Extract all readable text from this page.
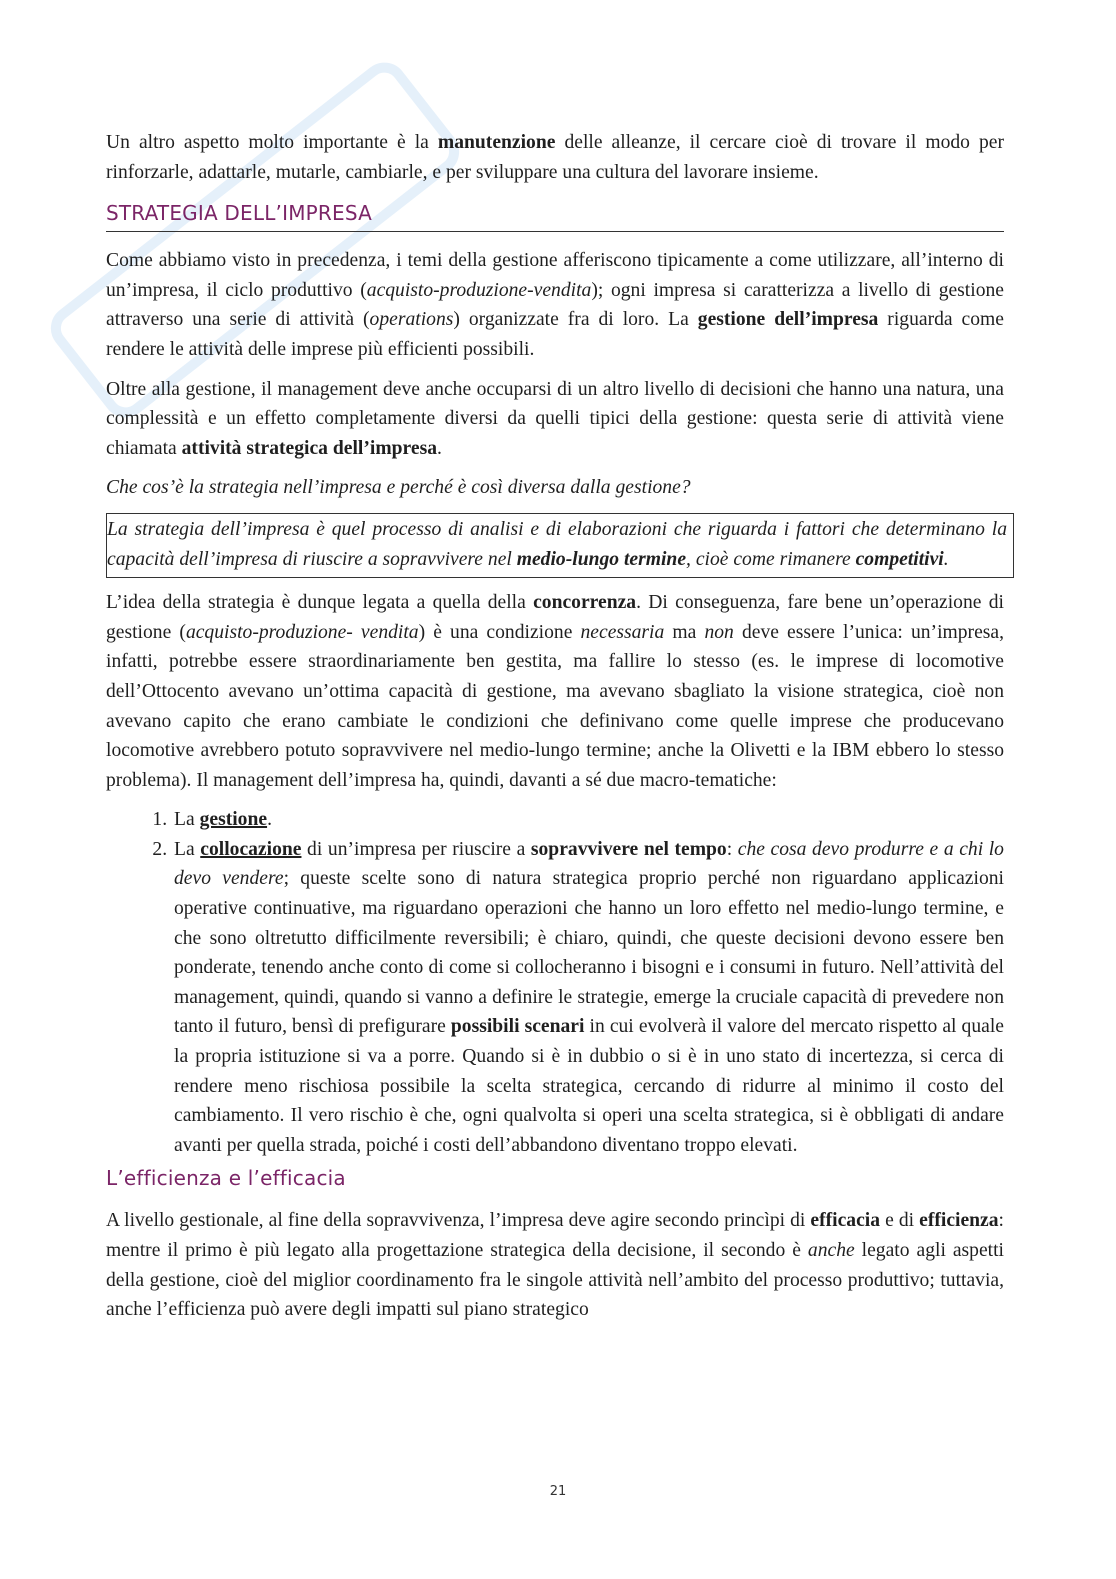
Un altro aspetto molto importante è la manutenzione delle alleanze, il cercare cioè di trovare il modo per rinforzarle, adattarle, mutarle, cambiarle, e per sviluppare una cultura del lavorare insieme.

STRATEGIA DELL’IMPRESA

Come abbiamo visto in precedenza, i temi della gestione afferiscono tipicamente a come utilizzare, all’interno di un’impresa, il ciclo produttivo (acquisto-produzione-vendita); ogni impresa si caratterizza a livello di gestione attraverso una serie di attività (operations) organizzate fra di loro. La gestione dell’impresa riguarda come rendere le attività delle imprese più efficienti possibili.

Oltre alla gestione, il management deve anche occuparsi di un altro livello di decisioni che hanno una natura, una complessità e un effetto completamente diversi da quelli tipici della gestione: questa serie di attività viene chiamata attività strategica dell’impresa.

Che cos’è la strategia nell’impresa e perché è così diversa dalla gestione?

La strategia dell’impresa è quel processo di analisi e di elaborazioni che riguarda i fattori che determinano la capacità dell’impresa di riuscire a sopravvivere nel medio-lungo termine, cioè come rimanere competitivi.

L’idea della strategia è dunque legata a quella della concorrenza. Di conseguenza, fare bene un’operazione di gestione (acquisto-produzione- vendita) è una condizione necessaria ma non deve essere l’unica: un’impresa, infatti, potrebbe essere straordinariamente ben gestita, ma fallire lo stesso (es. le imprese di locomotive dell’Ottocento avevano un’ottima capacità di gestione, ma avevano sbagliato la visione strategica, cioè non avevano capito che erano cambiate le condizioni che definivano come quelle imprese che producevano locomotive avrebbero potuto sopravvivere nel medio-lungo termine; anche la Olivetti e la IBM ebbero lo stesso problema). Il management dell’impresa ha, quindi, davanti a sé due macro-tematiche:

1. La gestione.
2. La collocazione di un’impresa per riuscire a sopravvivere nel tempo: che cosa devo produrre e a chi lo devo vendere; queste scelte sono di natura strategica proprio perché non riguardano applicazioni operative continuative, ma riguardano operazioni che hanno un loro effetto nel medio-lungo termine, e che sono oltretutto difficilmente reversibili; è chiaro, quindi, che queste decisioni devono essere ben ponderate, tenendo anche conto di come si collocheranno i bisogni e i consumi in futuro. Nell’attività del management, quindi, quando si vanno a definire le strategie, emerge la cruciale capacità di prevedere non tanto il futuro, bensì di prefigurare possibili scenari in cui evolverà il valore del mercato rispetto al quale la propria istituzione si va a porre. Quando si è in dubbio o si è in uno stato di incertezza, si cerca di rendere meno rischiosa possibile la scelta strategica, cercando di ridurre al minimo il costo del cambiamento. Il vero rischio è che, ogni qualvolta si operi una scelta strategica, si è obbligati di andare avanti per quella strada, poiché i costi dell’abbandono diventano troppo elevati.
L’efficienza e l’efficacia

A livello gestionale, al fine della sopravvivenza, l’impresa deve agire secondo princìpi di efficacia e di efficienza: mentre il primo è più legato alla progettazione strategica della decisione, il secondo è anche legato agli aspetti della gestione, cioè del miglior coordinamento fra le singole attività nell’ambito del processo produttivo; tuttavia, anche l’efficienza può avere degli impatti sul piano strategico

21
